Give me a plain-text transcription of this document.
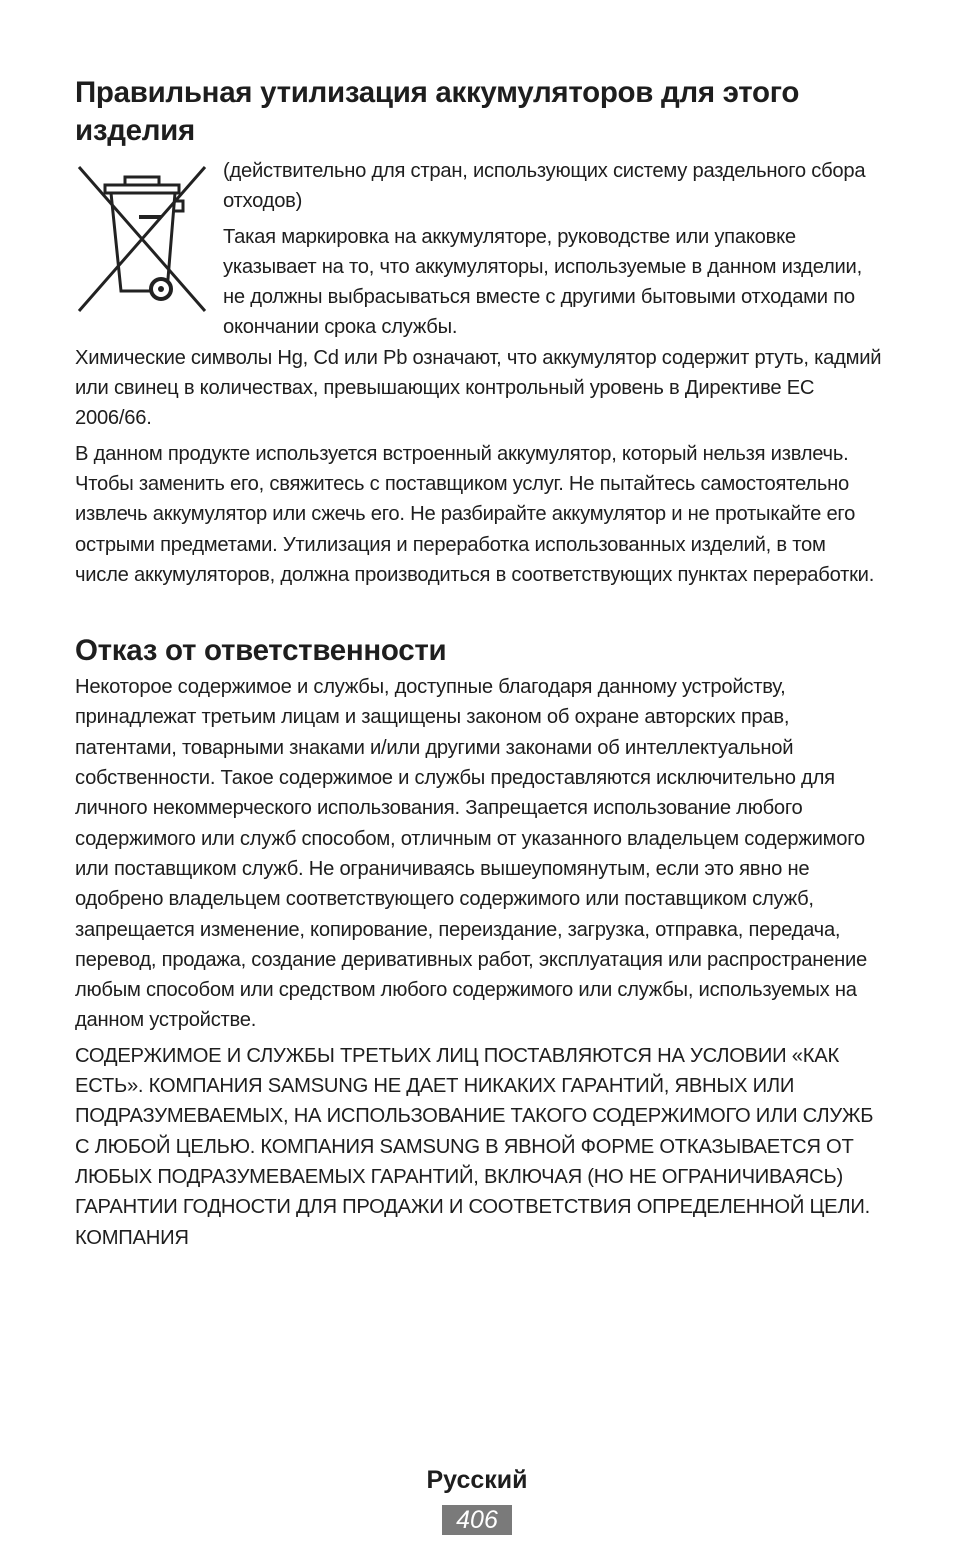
Правильная утилизация аккумуляторов для этого изделия

(действительно для стран, использующих систему раздельного сбора отходов)

Такая маркировка на аккумуляторе, руководстве или упаковке указывает на то, что аккумуляторы, используемые в данном изделии, не должны выбрасываться вместе с другими бытовыми отходами по окончании срока службы.

Химические символы Hg, Cd или Pb означают, что аккумулятор содержит ртуть, кадмий или свинец в количествах, превышающих контрольный уровень в Директиве ЕС 2006/66.

В данном продукте используется встроенный аккумулятор, который нельзя извлечь. Чтобы заменить его, свяжитесь с поставщиком услуг. Не пытайтесь самостоятельно извлечь аккумулятор или сжечь его. Не разбирайте аккумулятор и не протыкайте его острыми предметами. Утилизация и переработка использованных изделий, в том числе аккумуляторов, должна производиться в соответствующих пунктах переработки.

Отказ от ответственности

Некоторое содержимое и службы, доступные благодаря данному устройству, принадлежат третьим лицам и защищены законом об охране авторских прав, патентами, товарными знаками и/или другими законами об интеллектуальной собственности. Такое содержимое и службы предоставляются исключительно для личного некоммерческого использования. Запрещается использование любого содержимого или служб способом, отличным от указанного владельцем содержимого или поставщиком служб. Не ограничиваясь вышеупомянутым, если это явно не одобрено владельцем соответствующего содержимого или поставщиком служб, запрещается изменение, копирование, переиздание, загрузка, отправка, передача, перевод, продажа, создание деривативных работ, эксплуатация или распространение любым способом или средством любого содержимого или службы, используемых на данном устройстве.

СОДЕРЖИМОЕ И СЛУЖБЫ ТРЕТЬИХ ЛИЦ ПОСТАВЛЯЮТСЯ НА УСЛОВИИ «КАК ЕСТЬ». КОМПАНИЯ SAMSUNG НЕ ДАЕТ НИКАКИХ ГАРАНТИЙ, ЯВНЫХ ИЛИ ПОДРАЗУМЕВАЕМЫХ, НА ИСПОЛЬЗОВАНИЕ ТАКОГО СОДЕРЖИМОГО ИЛИ СЛУЖБ С ЛЮБОЙ ЦЕЛЬЮ. КОМПАНИЯ SAMSUNG В ЯВНОЙ ФОРМЕ ОТКАЗЫВАЕТСЯ ОТ ЛЮБЫХ ПОДРАЗУМЕВАЕМЫХ ГАРАНТИЙ, ВКЛЮЧАЯ (НО НЕ ОГРАНИЧИВАЯСЬ) ГАРАНТИИ ГОДНОСТИ ДЛЯ ПРОДАЖИ И СООТВЕТСТВИЯ ОПРЕДЕЛЕННОЙ ЦЕЛИ. КОМПАНИЯ

Русский
406
